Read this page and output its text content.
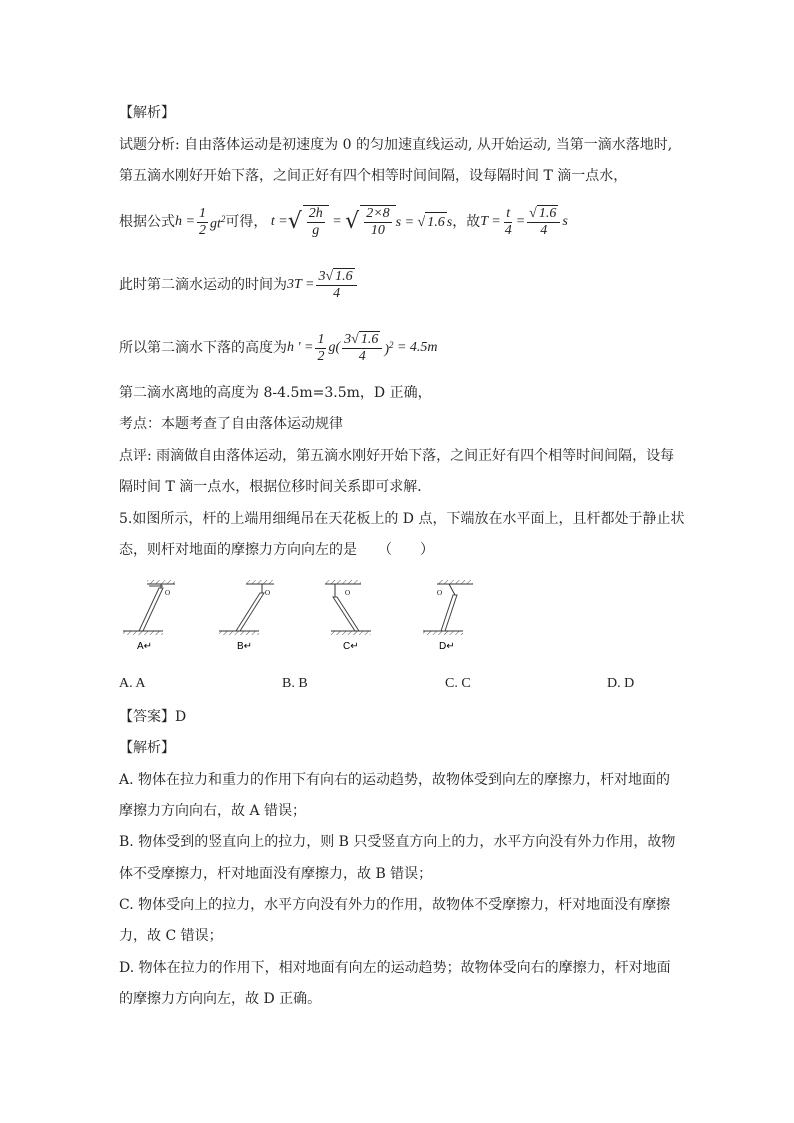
【解析】
试题分析: 自由落体运动是初速度为 0 的匀加速直线运动, 从开始运动, 当第一滴水落地时,
第五滴水刚好开始下落，之间正好有四个相等时间间隔，设每隔时间 T 滴一点水，
根据公式 $h = \frac{1}{2} gt^2$ 可得， t = √ $\frac{2h}{g}$ = √ $\frac{2\times 8}{10}$ s = √ 1.6 s ，故 $T = \frac{t}{4} = \frac{√ 1.6}{4}$ s
此时第二滴水运动的时间为 $3T = \frac{3√ 1.6}{4}$
所以第二滴水下落的高度为 h ' = $\frac{1}{2} g( \frac{3√ 1.6}{4} )^2 = 4.5m$
第二滴水离地的高度为 8-4.5m=3.5m，D 正确，
考点：本题考查了自由落体运动规律
点评: 雨滴做自由落体运动，第五滴水刚好开始下落，之间正好有四个相等时间间隔，设每
隔时间 T 滴一点水，根据位移时间关系即可求解．
5.如图所示，杆的上端用细绳吊在天花板上的 D 点，下端放在水平面上，且杆都处于静止状
态，则杆对地面的摩擦力方向向左的是　　（　　）
O
A↵
O
B↵
O
C↵
O
D↵
A. A	B. B	C. C	D. D
【答案】D
【解析】
A. 物体在拉力和重力的作用下有向右的运动趋势，故物体受到向左的摩擦力，杆对地面的
摩擦力方向向右，故 A 错误；
B. 物体受到的竖直向上的拉力，则 B 只受竖直方向上的力，水平方向没有外力作用，故物
体不受摩擦力，杆对地面没有摩擦力，故 B 错误；
C. 物体受向上的拉力，水平方向没有外力的作用，故物体不受摩擦力，杆对地面没有摩擦
力，故 C 错误；
D. 物体在拉力的作用下，相对地面有向左的运动趋势；故物体受向右的摩擦力，杆对地面
的摩擦力方向向左，故 D 正确。
